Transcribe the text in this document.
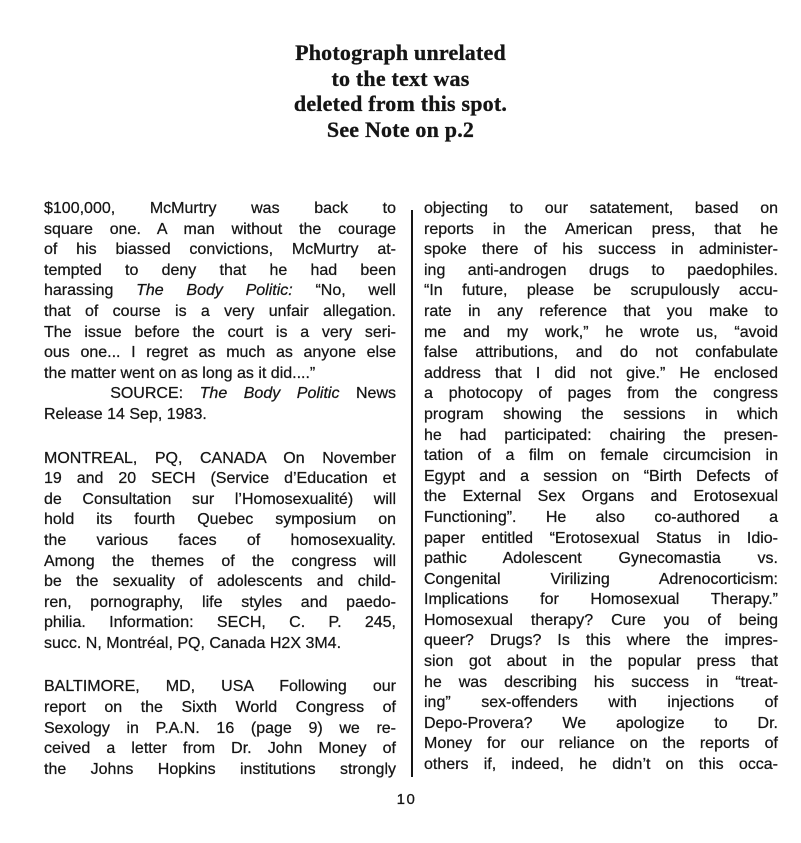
Photograph unrelated
to the text was
deleted from this spot.
See Note on p.2
$100,000, McMurtry was back to
square one. A man without the courage
of his biassed convictions, McMurtry at-
tempted to deny that he had been
harassing The Body Politic: “No, well
that of course is a very unfair allegation.
The issue before the court is a very seri-
ous one... I regret as much as anyone else
the matter went on as long as it did....”
SOURCE: The Body Politic News
Release 14 Sep, 1983.
MONTREAL, PQ, CANADA On November
19 and 20 SECH (Service d’Education et
de Consultation sur l’Homosexualité) will
hold its fourth Quebec symposium on
the various faces of homosexuality.
Among the themes of the congress will
be the sexuality of adolescents and child-
ren, pornography, life styles and paedo-
philia. Information: SECH, C. P. 245,
succ. N, Montréal, PQ, Canada H2X 3M4.
BALTIMORE, MD, USA Following our
report on the Sixth World Congress of
Sexology in P.A.N. 16 (page 9) we re-
ceived a letter from Dr. John Money of
the Johns Hopkins institutions strongly
objecting to our satatement, based on
reports in the American press, that he
spoke there of his success in administer-
ing anti-androgen drugs to paedophiles.
“In future, please be scrupulously accu-
rate in any reference that you make to
me and my work,” he wrote us, “avoid
false attributions, and do not confabulate
address that I did not give.” He enclosed
a photocopy of pages from the congress
program showing the sessions in which
he had participated: chairing the presen-
tation of a film on female circumcision in
Egypt and a session on “Birth Defects of
the External Sex Organs and Erotosexual
Functioning”. He also co-authored a
paper entitled “Erotosexual Status in Idio-
pathic Adolescent Gynecomastia vs.
Congenital Virilizing Adrenocorticism:
Implications for Homosexual Therapy.”
Homosexual therapy? Cure you of being
queer? Drugs? Is this where the impres-
sion got about in the popular press that
he was describing his success in “treat-
ing” sex-offenders with injections of
Depo-Provera? We apologize to Dr.
Money for our reliance on the reports of
others if, indeed, he didn’t on this occa-
10
